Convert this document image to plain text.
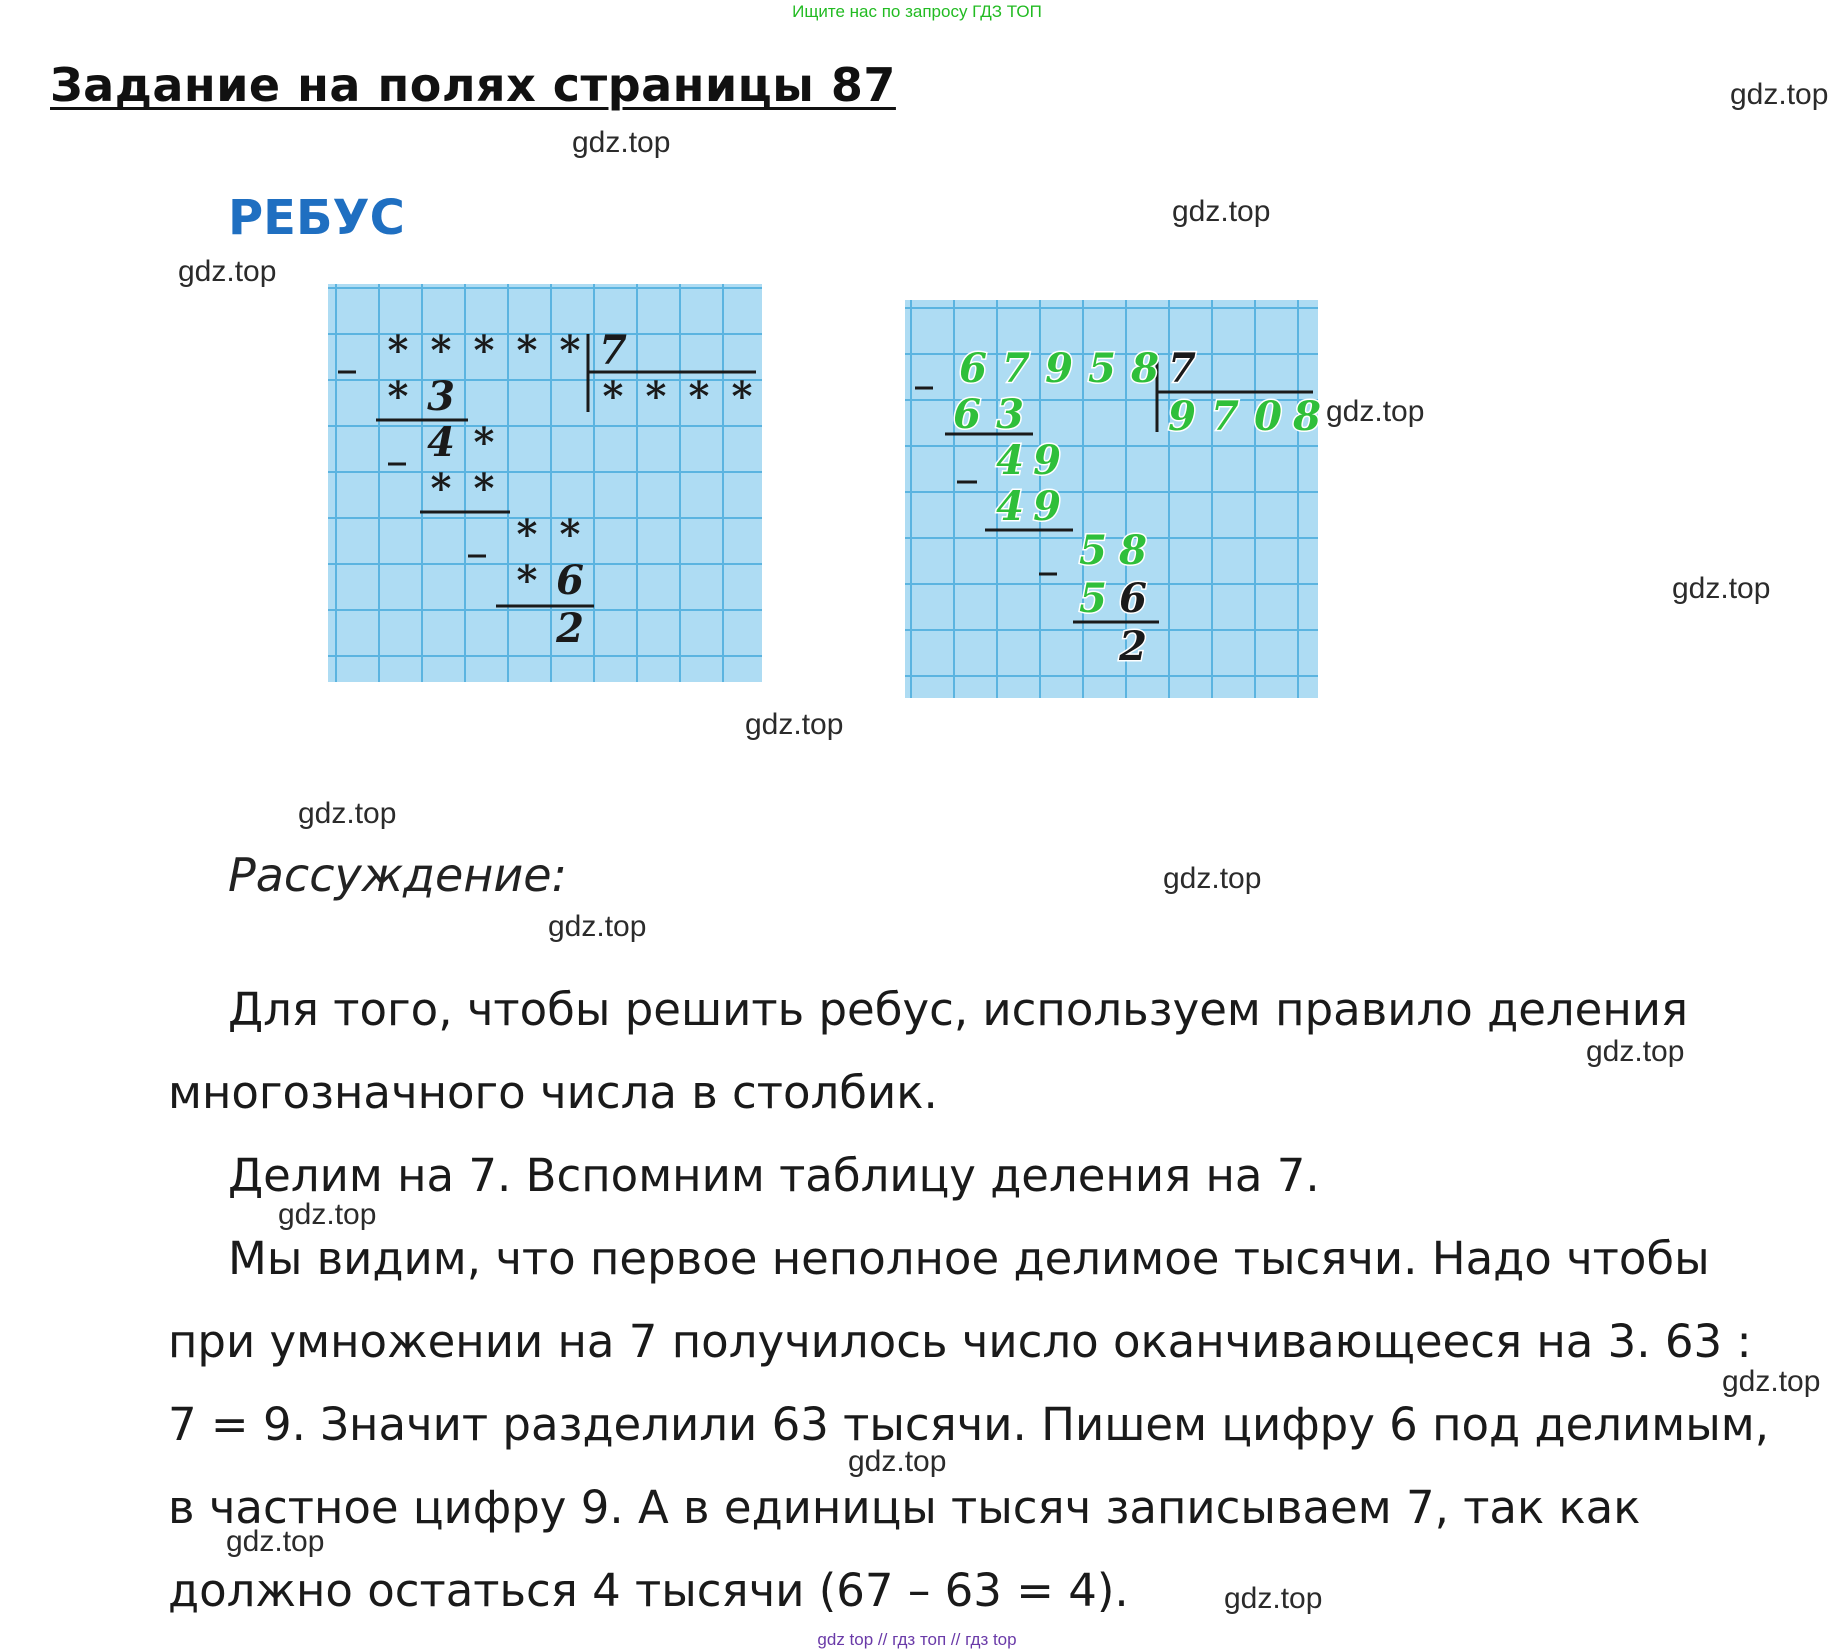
Ищите нас по запросу ГДЗ ТОП
Задание на полях страницы 87
РЕБУС
gdz.top
gdz.top
gdz.top
gdz.top
gdz.top
gdz.top
gdz.top
gdz.top
gdz.top
gdz.top
gdz.top
gdz.top
gdz.top
gdz.top
gdz.top
gdz.top
* * * * * 7
* * * *
* 3
4 *
* *
* *
* 6
2
6 7 9 5 8
9 7 0 8
6 3
4 9
4 9
5 8
5
7
6
2
Рассуждение:
Для того, чтобы решить ребус, используем правило деления
многозначного числа в столбик.
Делим на 7. Вспомним таблицу деления на 7.
Мы видим, что первое неполное делимое тысячи. Надо чтобы
при умножении на 7 получилось число оканчивающееся на 3. 63 :
7 = 9. Значит разделили 63 тысячи. Пишем цифру 6 под делимым,
в частное цифру 9. А в единицы тысяч записываем 7, так как
должно остаться 4 тысячи (67 – 63 = 4).
gdz top // гдз топ // гдз top
